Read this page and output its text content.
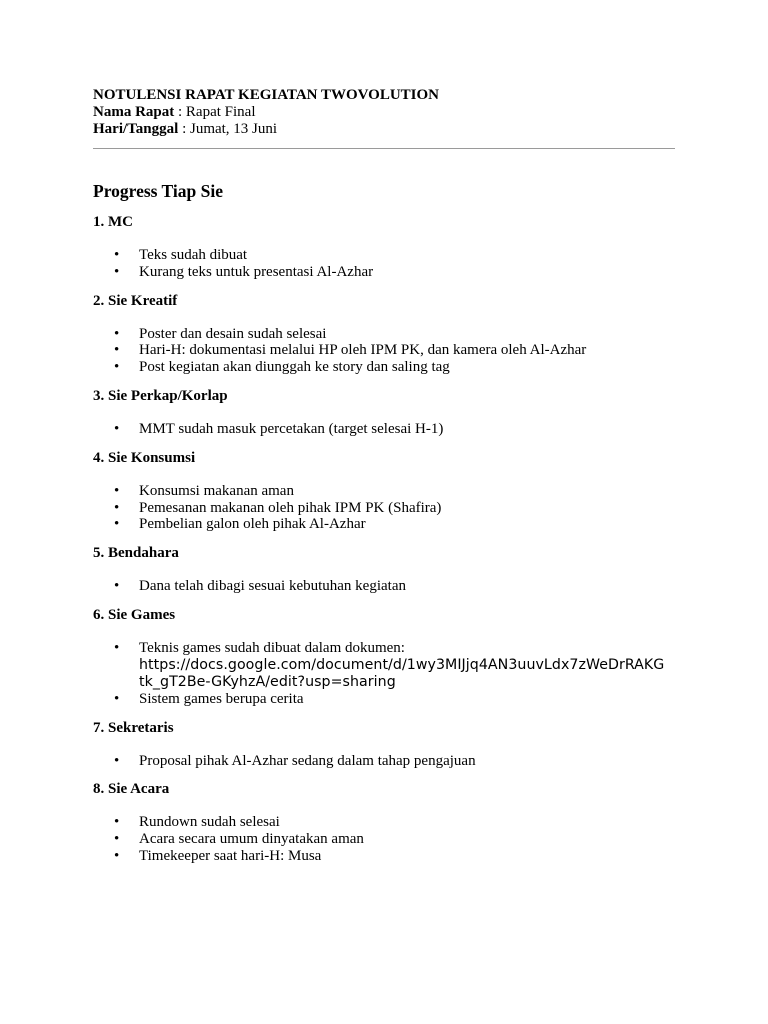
NOTULENSI RAPAT KEGIATAN TWOVOLUTION

Nama Rapat : Rapat Final

Hari/Tanggal : Jumat, 13 Juni

Progress Tiap Sie

1. MC

• Teks sudah dibuat
• Kurang teks untuk presentasi Al-Azhar

2. Sie Kreatif

• Poster dan desain sudah selesai
• Hari-H: dokumentasi melalui HP oleh IPM PK, dan kamera oleh Al-Azhar
• Post kegiatan akan diunggah ke story dan saling tag

3. Sie Perkap/Korlap

• MMT sudah masuk percetakan (target selesai H-1)

4. Sie Konsumsi

• Konsumsi makanan aman
• Pemesanan makanan oleh pihak IPM PK (Shafira)
• Pembelian galon oleh pihak Al-Azhar

5. Bendahara

• Dana telah dibagi sesuai kebutuhan kegiatan

6. Sie Games

• Teknis games sudah dibuat dalam dokumen:
https://docs.google.com/document/d/1wy3MIJjq4AN3uuvLdx7zWeDrRAKGtk_gT2Be-GKyhzA/edit?usp=sharing
• Sistem games berupa cerita

7. Sekretaris

• Proposal pihak Al-Azhar sedang dalam tahap pengajuan

8. Sie Acara

• Rundown sudah selesai
• Acara secara umum dinyatakan aman
• Timekeeper saat hari-H: Musa
